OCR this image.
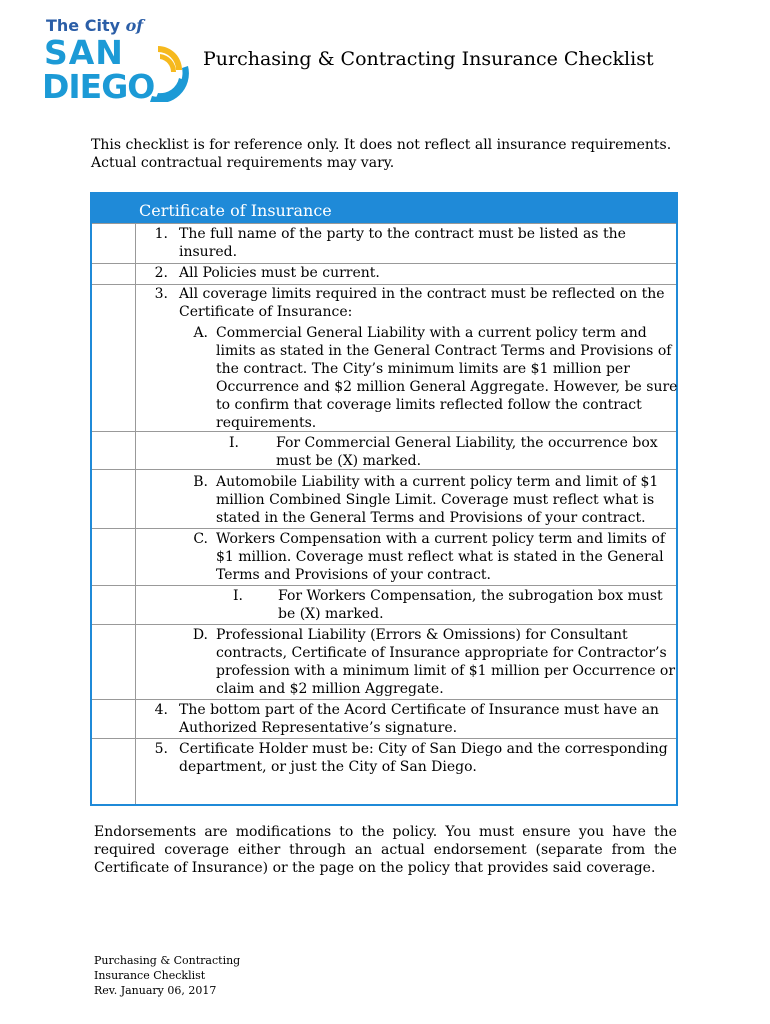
The City of
SAN
DIEGO
Purchasing & Contracting Insurance Checklist
This checklist is for reference only. It does not reflect all insurance requirements.
Actual contractual requirements may vary.
Certificate of Insurance
1. The full name of the party to the contract must be listed as the
insured.
2. All Policies must be current.
3. All coverage limits required in the contract must be reflected on the
Certificate of Insurance:
A. Commercial General Liability with a current policy term and
limits as stated in the General Contract Terms and Provisions of
the contract. The City’s minimum limits are $1 million per
Occurrence and $2 million General Aggregate. However, be sure
to confirm that coverage limits reflected follow the contract
requirements.
I.	For Commercial General Liability, the occurrence box
must be (X) marked.
B. Automobile Liability with a current policy term and limit of $1
million Combined Single Limit. Coverage must reflect what is
stated in the General Terms and Provisions of your contract.
C. Workers Compensation with a current policy term and limits of
$1 million. Coverage must reflect what is stated in the General
Terms and Provisions of your contract.
I.	For Workers Compensation, the subrogation box must
be (X) marked.
D. Professional Liability (Errors & Omissions) for Consultant
contracts, Certificate of Insurance appropriate for Contractor’s
profession with a minimum limit of $1 million per Occurrence or
claim and $2 million Aggregate.
4. The bottom part of the Acord Certificate of Insurance must have an
Authorized Representative’s signature.
5. Certificate Holder must be: City of San Diego and the corresponding
department, or just the City of San Diego.
Endorsements are modifications to the policy. You must ensure you have the
required coverage either through an actual endorsement (separate from the
Certificate of Insurance) or the page on the policy that provides said coverage.
Purchasing & Contracting
Insurance Checklist
Rev. January 06, 2017
